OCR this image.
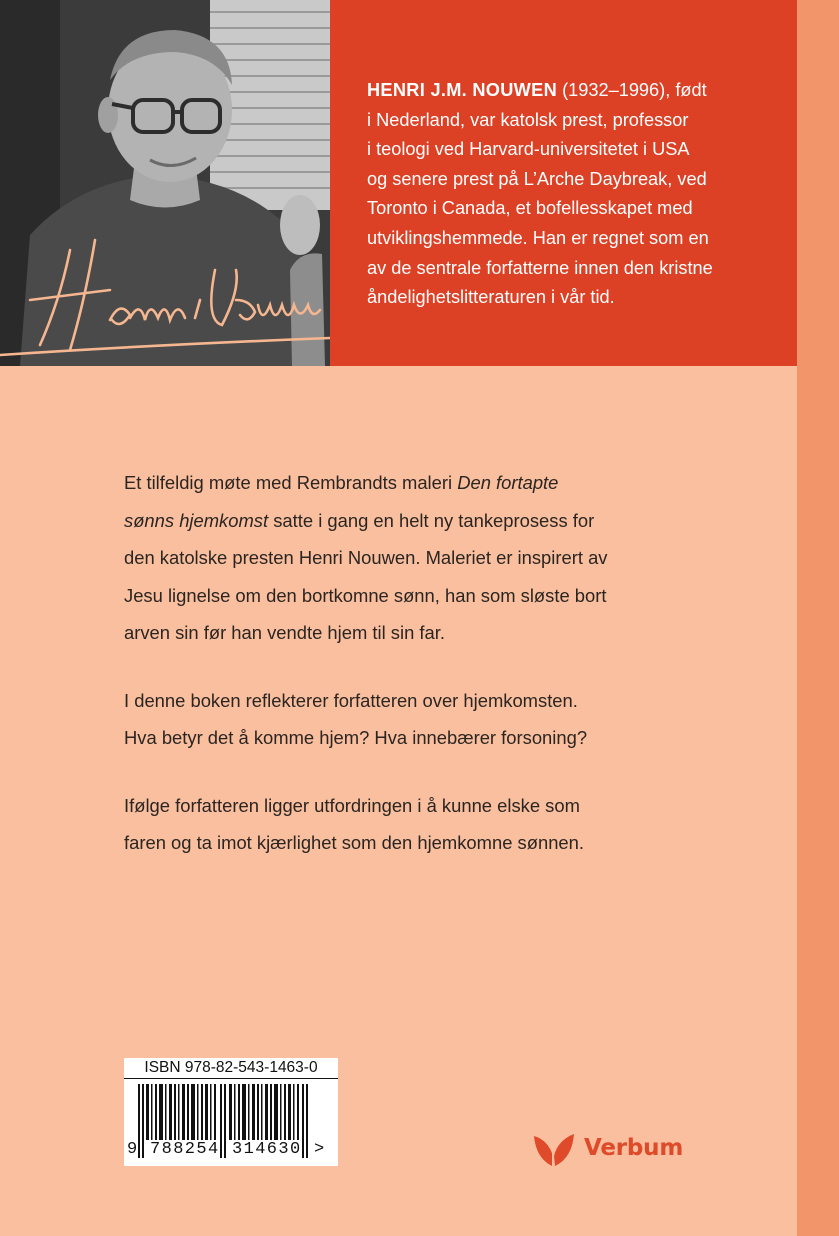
HENRI J.M. NOUWEN (1932–1996), født
i Nederland, var katolsk prest, professor
i teologi ved Harvard-universitetet i USA
og senere prest på L’Arche Daybreak, ved
Toronto i Canada, et bofellesskapet med
utviklingshemmede. Han er regnet som en
av de sentrale forfatterne innen den kristne
åndelighetslitteraturen i vår tid.

Et tilfeldig møte med Rembrandts maleri Den fortapte
sønns hjemkomst satte i gang en helt ny tankeprosess for
den katolske presten Henri Nouwen. Maleriet er inspirert av
Jesu lignelse om den bortkomne sønn, han som sløste bort
arven sin før han vendte hjem til sin far.

I denne boken reflekterer forfatteren over hjemkomsten.
Hva betyr det å komme hjem? Hva innebærer forsoning?

Ifølge forfatteren ligger utfordringen i å kunne elske som
faren og ta imot kjærlighet som den hjemkomne sønnen.

ISBN 978-82-543-1463-0
9 788254 314630 >	Verbum
